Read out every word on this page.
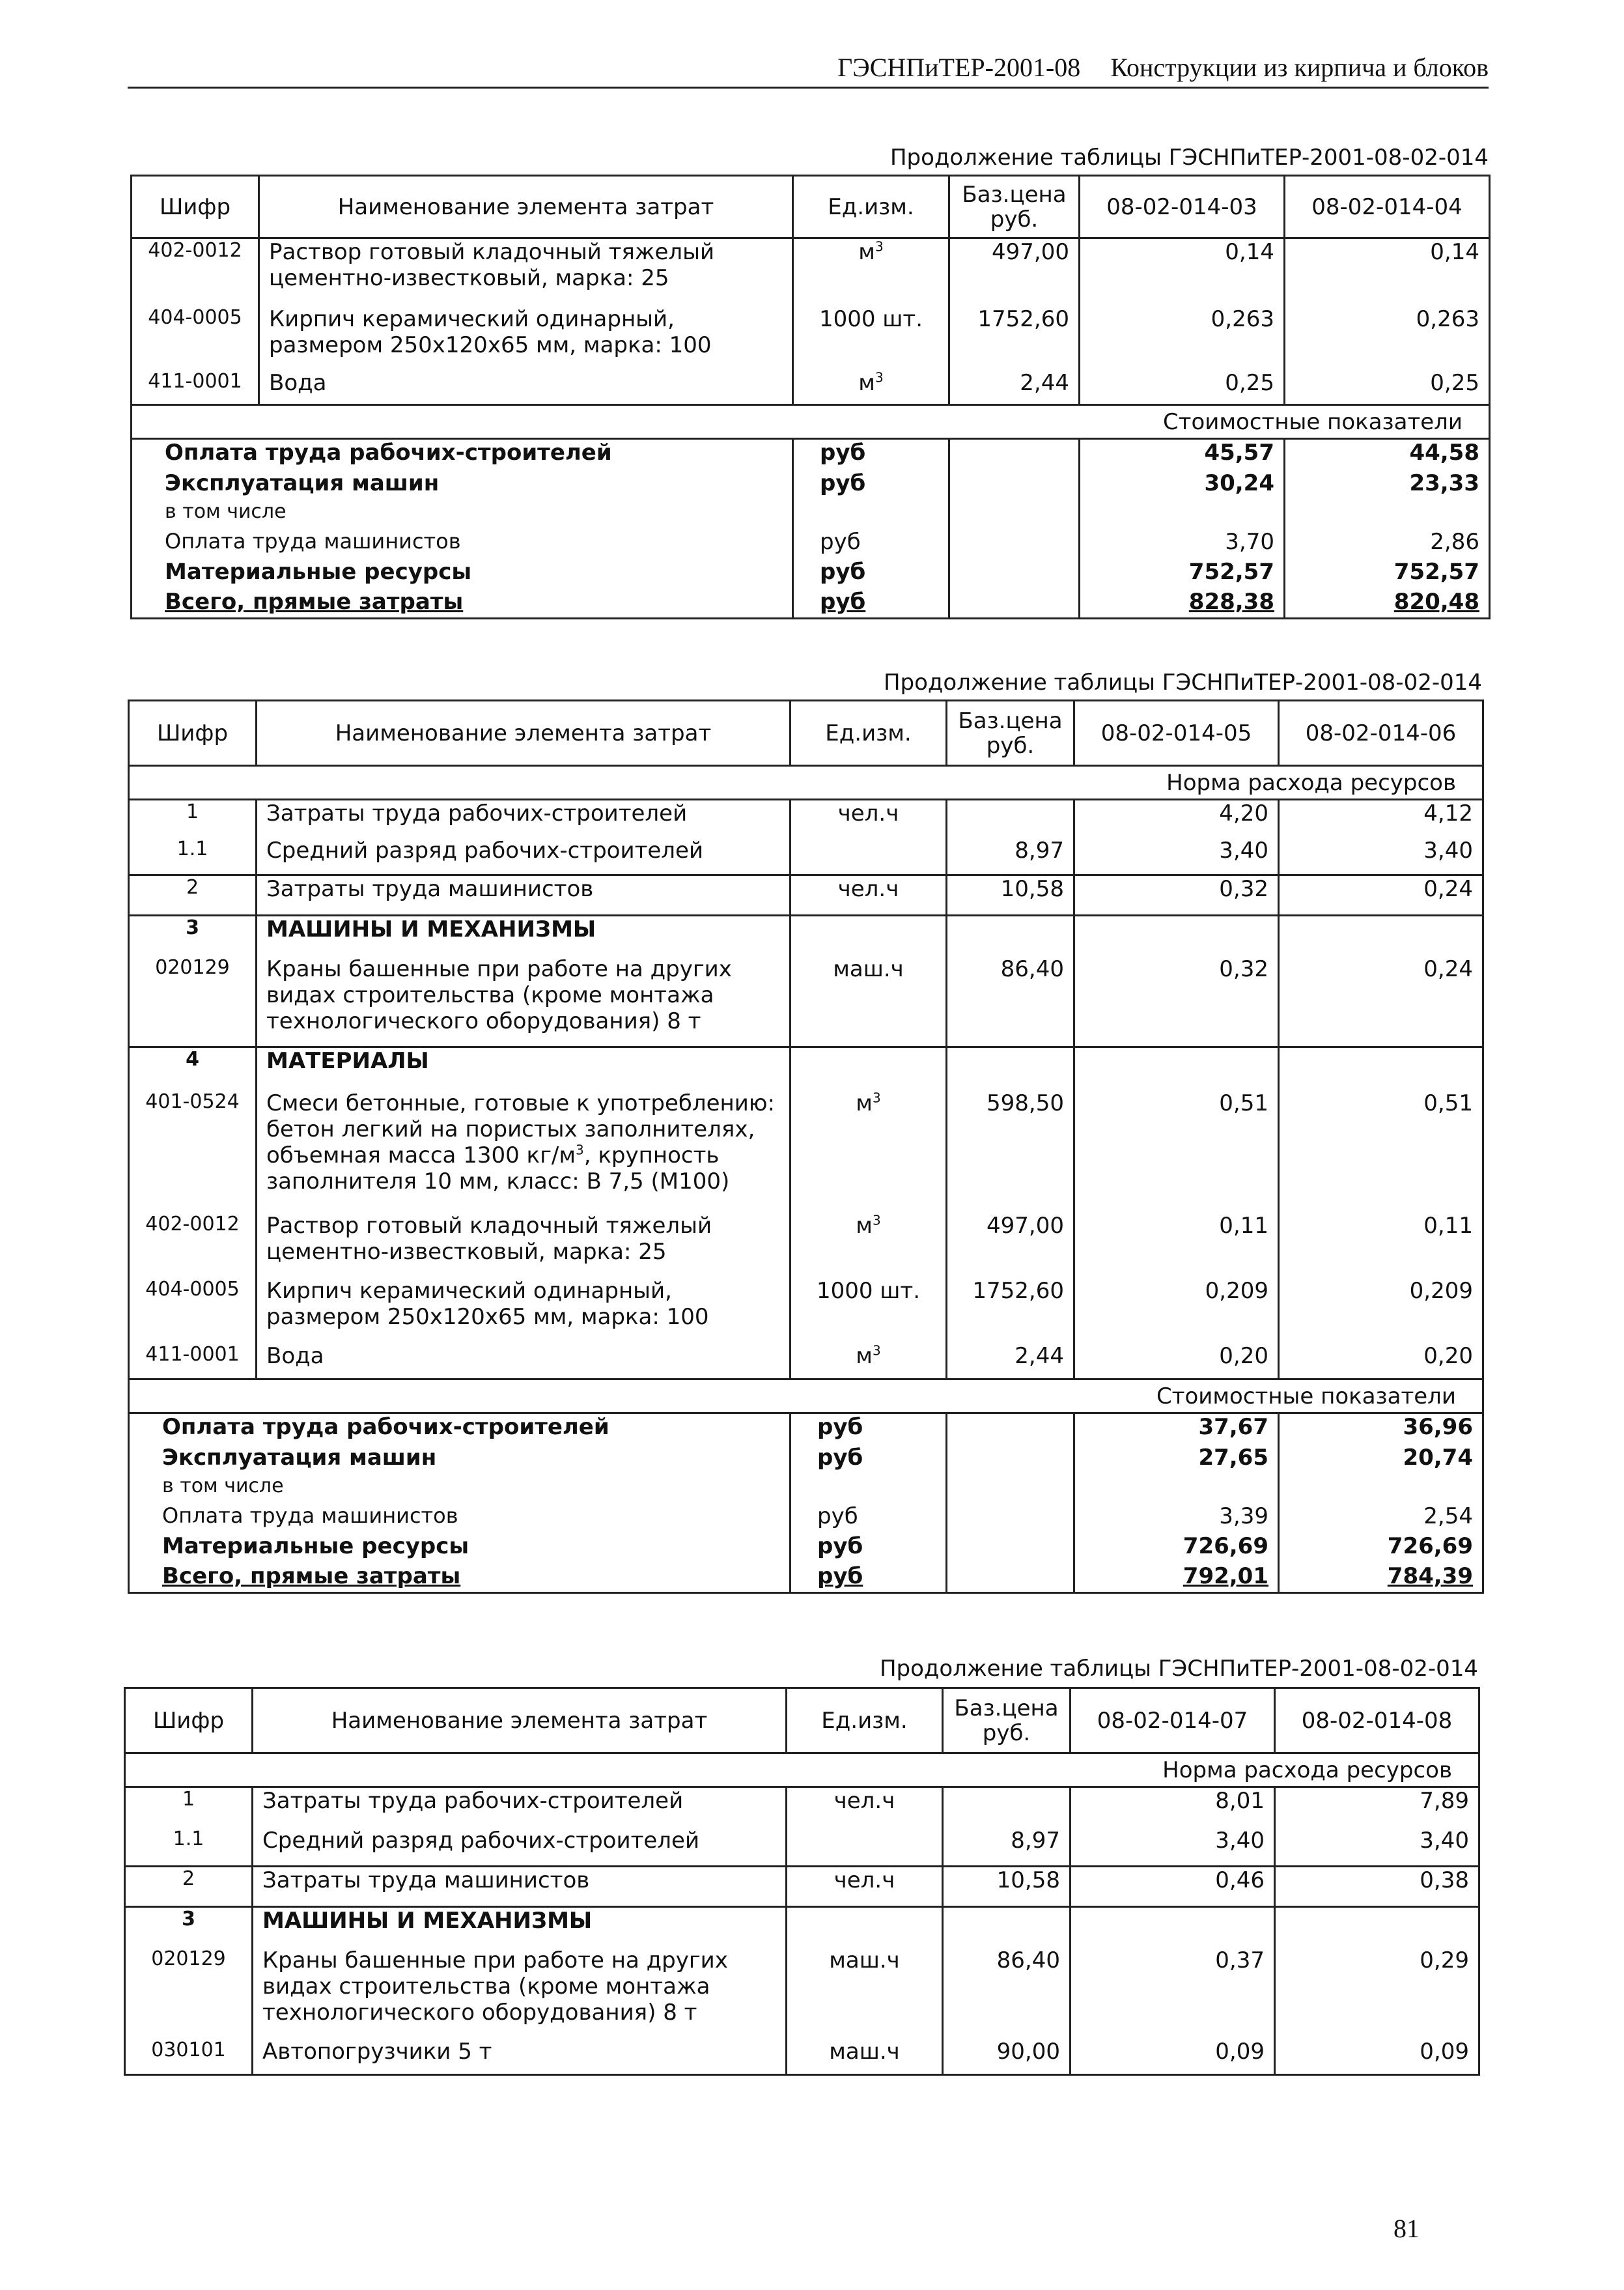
ГЭСНПиТЕР-2001-08 Конструкции из кирпича и блоков
Продолжение таблицы ГЭСНПиТЕР-2001-08-02-014
Шифр	Наименование элемента затрат	Ед.изм.	Баз.цена руб.	08-02-014-03	08-02-014-04
402-0012	Раствор готовый кладочный тяжелый цементно-известковый, марка: 25	$м^3$	497,00	0,14	0,14
404-0005	Кирпич керамический одинарный, размером 250х120х65 мм, марка: 100	1000 шт.	1752,60	0,263	0,263
411-0001	Вода	$м^3$	2,44	0,25	0,25
Стоимостные показатели					
Оплата труда рабочих-строителей		руб		45,57	44,58
Эксплуатация машин		руб		30,24	23,33
в том числе					
Оплата труда машинистов		руб		3,70	2,86
Материальные ресурсы		руб		752,57	752,57
Всего, прямые затраты		руб		828,38	820,48
Продолжение таблицы ГЭСНПиТЕР-2001-08-02-014
Шифр	Наименование элемента затрат	Ед.изм.	Баз.цена руб.	08-02-014-05	08-02-014-06
Норма расхода ресурсов					
1	Затраты труда рабочих-строителей	чел.ч		4,20	4,12
1.1	Средний разряд рабочих-строителей		8,97	3,40	3,40
2	Затраты труда машинистов	чел.ч	10,58	0,32	0,24
3	МАШИНЫ И МЕХАНИЗМЫ				
020129	Краны башенные при работе на других видах строительства (кроме монтажа технологического оборудования) 8 т	маш.ч	86,40	0,32	0,24
4	МАТЕРИАЛЫ				
401-0524	Смеси бетонные, готовые к употреблению: бетон легкий на пористых заполнителях, объемная масса 1300 $кг/м^3$, крупность заполнителя 10 мм, класс: В 7,5 (М100)	$м^3$	598,50	0,51	0,51
402-0012	Раствор готовый кладочный тяжелый цементно-известковый, марка: 25	$м^3$	497,00	0,11	0,11
404-0005	Кирпич керамический одинарный, размером 250х120х65 мм, марка: 100	1000 шт.	1752,60	0,209	0,209
411-0001	Вода	$м^3$	2,44	0,20	0,20
Стоимостные показатели					
Оплата труда рабочих-строителей		руб		37,67	36,96
Эксплуатация машин		руб		27,65	20,74
в том числе					
Оплата труда машинистов		руб		3,39	2,54
Материальные ресурсы		руб		726,69	726,69
Всего, прямые затраты		руб		792,01	784,39
Продолжение таблицы ГЭСНПиТЕР-2001-08-02-014
Шифр	Наименование элемента затрат	Ед.изм.	Баз.цена руб.	08-02-014-07	08-02-014-08
Норма расхода ресурсов					
1	Затраты труда рабочих-строителей	чел.ч		8,01	7,89
1.1	Средний разряд рабочих-строителей		8,97	3,40	3,40
2	Затраты труда машинистов	чел.ч	10,58	0,46	0,38
3	МАШИНЫ И МЕХАНИЗМЫ				
020129	Краны башенные при работе на других видах строительства (кроме монтажа технологического оборудования) 8 т	маш.ч	86,40	0,37	0,29
030101	Автопогрузчики 5 т	маш.ч	90,00	0,09	0,09
81
